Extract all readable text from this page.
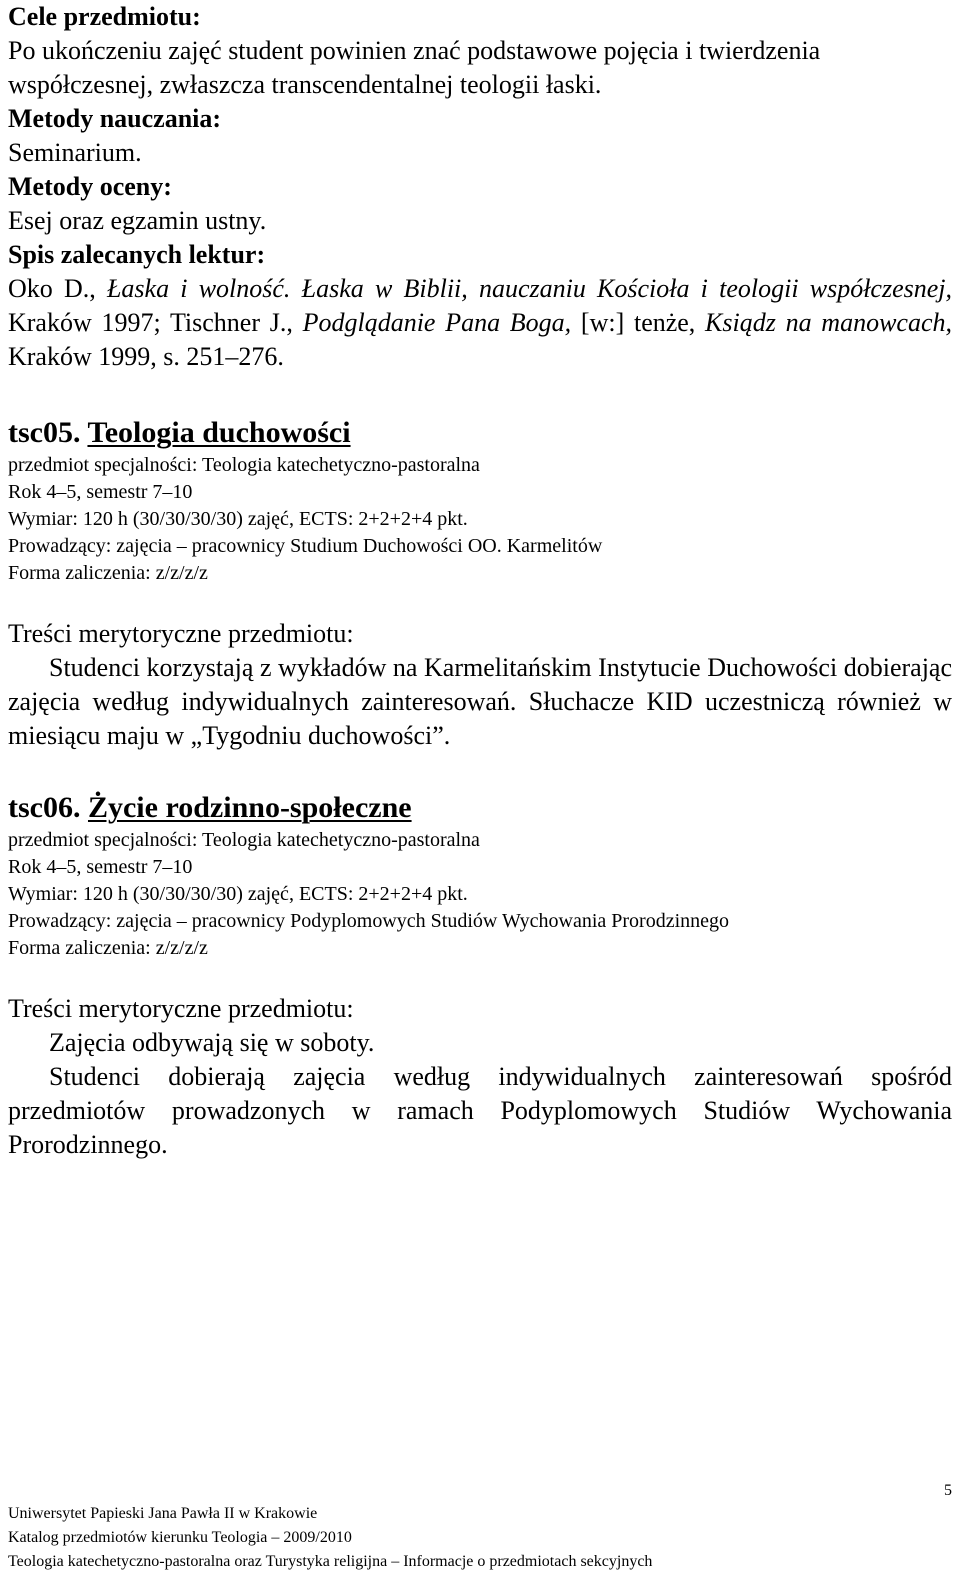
Cele przedmiotu:

Po ukończeniu zajęć student powinien znać podstawowe pojęcia i twierdzenia współczesnej, zwłaszcza transcendentalnej teologii łaski.

Metody nauczania:

Seminarium.

Metody oceny:

Esej oraz egzamin ustny.

Spis zalecanych lektur:

Oko D., Łaska i wolność. Łaska w Biblii, nauczaniu Kościoła i teologii współczesnej, Kraków 1997; Tischner J., Podglądanie Pana Boga, [w:] tenże, Ksiądz na manowcach, Kraków 1999, s. 251–276.

tsc05. Teologia duchowości

przedmiot specjalności: Teologia katechetyczno-pastoralna

Rok 4–5, semestr 7–10

Wymiar: 120 h (30/30/30/30) zajęć, ECTS: 2+2+2+4 pkt.

Prowadzący: zajęcia – pracownicy Studium Duchowości OO. Karmelitów

Forma zaliczenia: z/z/z/z

Treści merytoryczne przedmiotu:

Studenci korzystają z wykładów na Karmelitańskim Instytucie Duchowości dobierając zajęcia według indywidualnych zainteresowań. Słuchacze KID uczestniczą również w miesiącu maju w „Tygodniu duchowości”.

tsc06. Życie rodzinno-społeczne

przedmiot specjalności: Teologia katechetyczno-pastoralna

Rok 4–5, semestr 7–10

Wymiar: 120 h (30/30/30/30) zajęć, ECTS: 2+2+2+4 pkt.

Prowadzący: zajęcia – pracownicy Podyplomowych Studiów Wychowania Prorodzinnego

Forma zaliczenia: z/z/z/z

Treści merytoryczne przedmiotu:

Zajęcia odbywają się w soboty.

Studenci dobierają zajęcia według indywidualnych zainteresowań spośród przedmiotów prowadzonych w ramach Podyplomowych Studiów Wychowania Prorodzinnego.

5
Uniwersytet Papieski Jana Pawła II w Krakowie
Katalog przedmiotów kierunku Teologia – 2009/2010
Teologia katechetyczno-pastoralna oraz Turystyka religijna – Informacje o przedmiotach sekcyjnych
